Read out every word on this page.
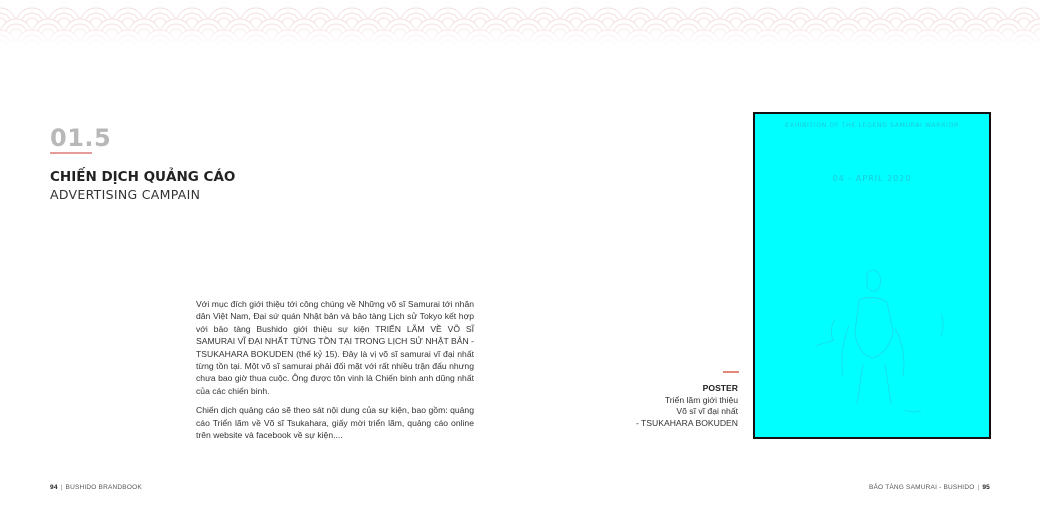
01.5
CHIẾN DỊCH QUẢNG CÁO
ADVERTISING CAMPAIN

Với mục đích giới thiệu tới công chúng về Những võ sĩ Samurai tới nhân dân Việt Nam, Đại sứ quán Nhật bản và bảo tàng Lịch sử Tokyo kết hợp với bảo tàng Bushido giới thiệu sự kiện TRIỂN LÃM VỀ VÕ SĨ SAMURAI VĨ ĐẠI NHẤT TỪNG TỒN TẠI TRONG LỊCH SỬ NHẬT BẢN - TSUKAHARA BOKUDEN (thế kỷ 15). Đây là vị võ sĩ samurai vĩ đại nhất từng tồn tại. Một võ sĩ samurai phải đối mặt với rất nhiều trận đấu nhưng chưa bao giờ thua cuộc. Ông được tôn vinh là Chiến binh anh dũng nhất của các chiến binh.

Chiến dịch quảng cáo sẽ theo sát nội dung của sự kiện, bao gồm: quảng cáo Triển lãm về Võ sĩ Tsukahara, giấy mời triển lãm, quảng cáo online trên website và facebook về sự kiện....

POSTER
Triển lãm giới thiệu
Võ sĩ vĩ đại nhất
- TSUKAHARA BOKUDEN
EXHIBITION OF THE LEGEND SAMURAI WARRIOR
04 - APRIL 2020
94 | BUSHIDO BRANDBOOK	BẢO TÀNG SAMURAI - BUSHIDO | 95
